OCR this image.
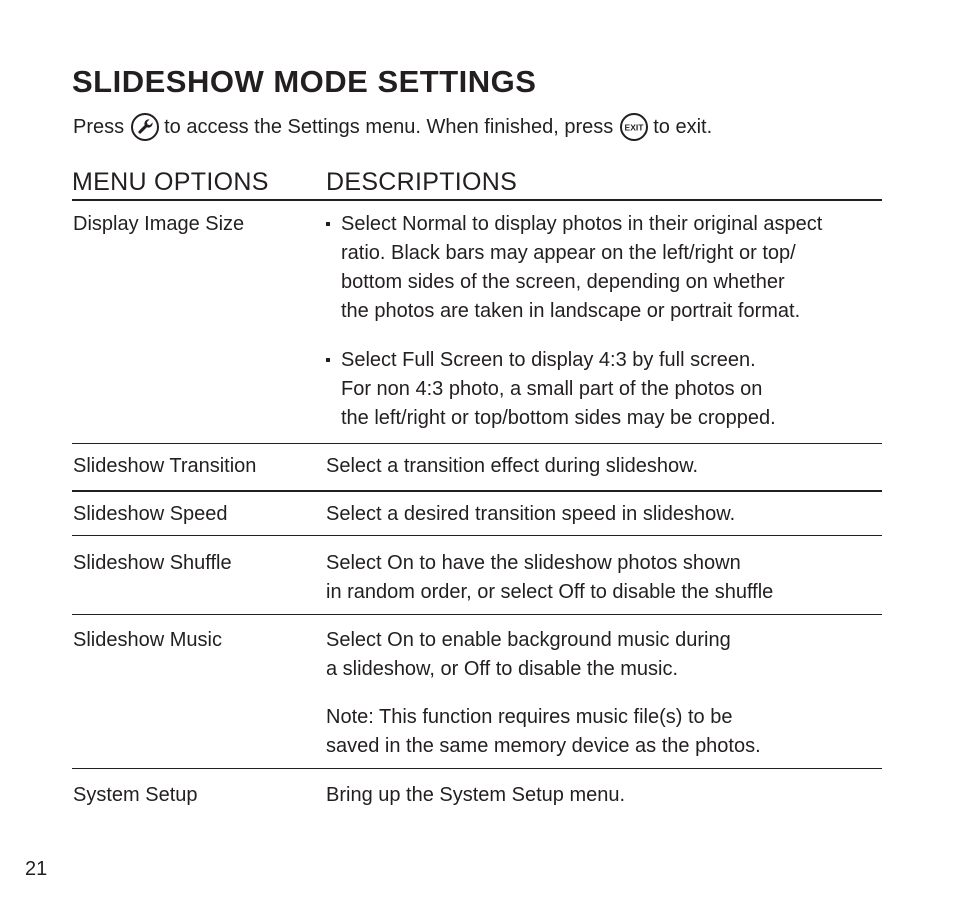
SLIDESHOW MODE SETTINGS
Press to access the Settings menu. When finished, press EXIT to exit.
MENU OPTIONS DESCRIPTIONS
Display Image Size	Select Normal to display photos in their original aspect
ratio. Black bars may appear on the left/right or top/
bottom sides of the screen, depending on whether
the photos are taken in landscape or portrait format.
Select Full Screen to display 4:3 by full screen.
For non 4:3 photo, a small part of the photos on
the left/right or top/bottom sides may be cropped.
Slideshow Transition	Select a transition effect during slideshow.
Slideshow Speed	Select a desired transition speed in slideshow.
Slideshow Shuffle	Select On to have the slideshow photos shown
in random order, or select Off to disable the shuffle
Slideshow Music	Select On to enable background music during
a slideshow, or Off to disable the music.
Note: This function requires music file(s) to be
saved in the same memory device as the photos.
System Setup	Bring up the System Setup menu.
21
